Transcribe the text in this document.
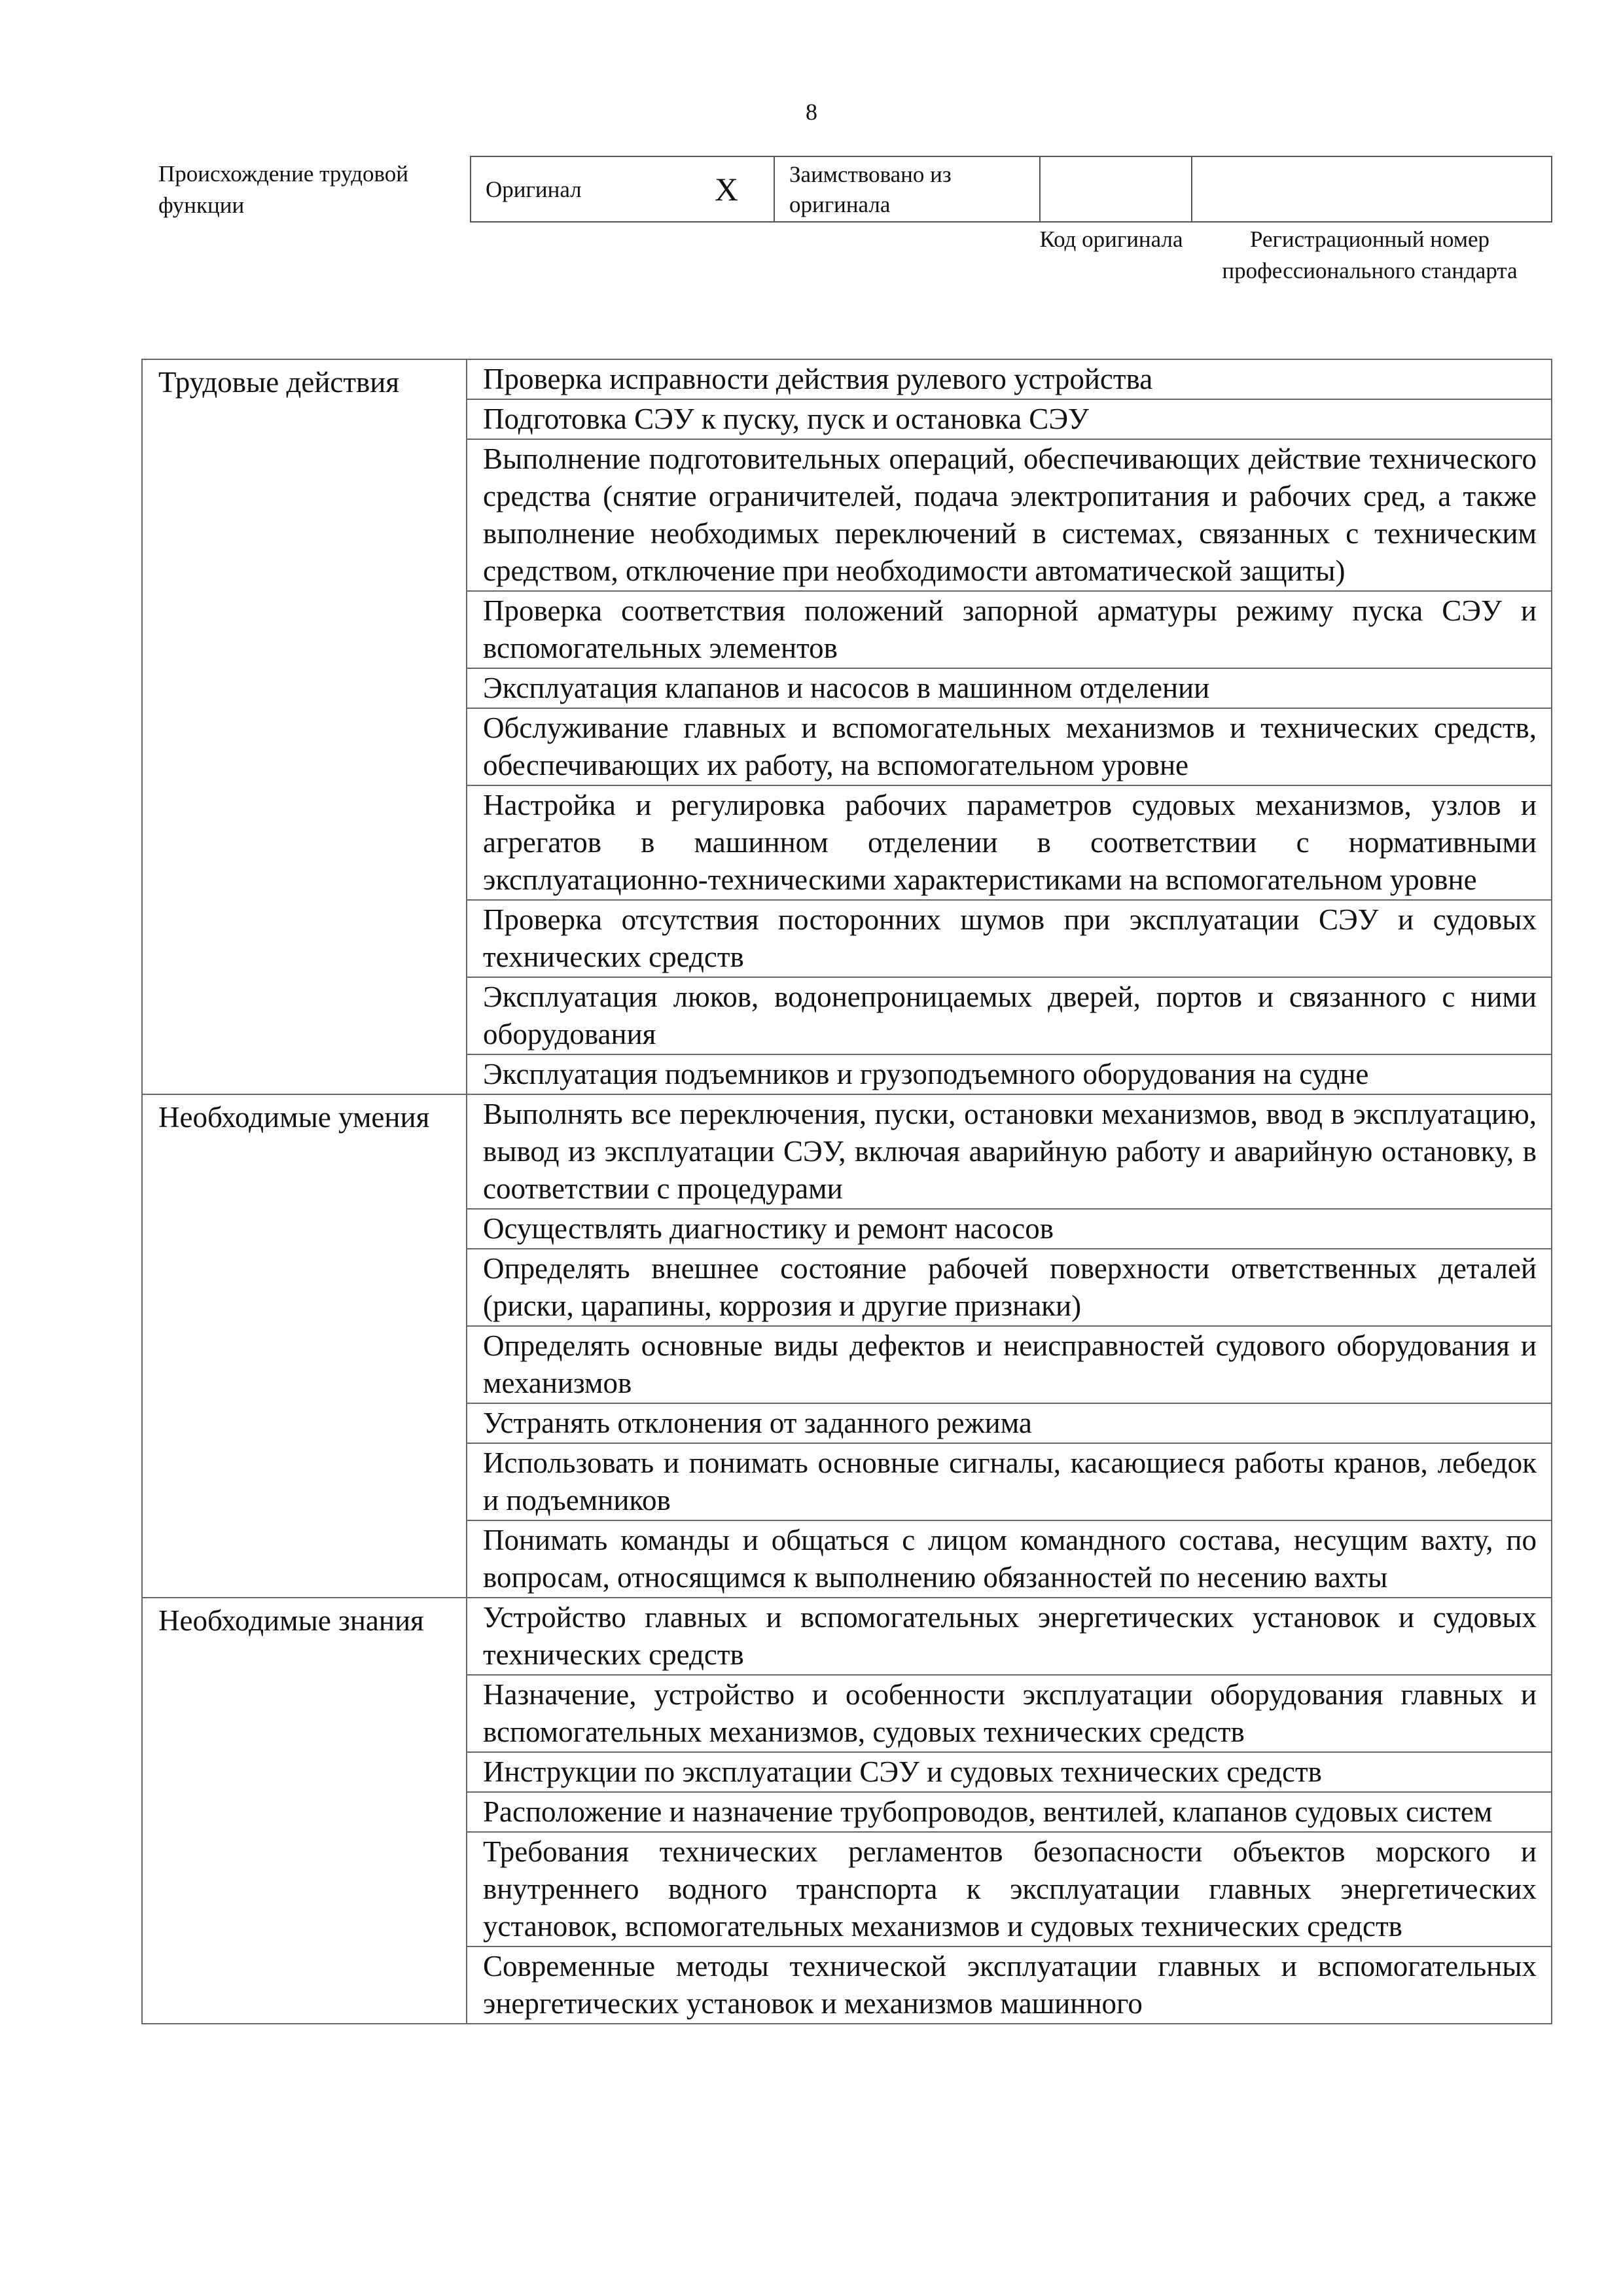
8
Происхождение трудовой функции
Оригинал	X	Заимствовано из оригинала
Код оригинала	Регистрационный номер профессионального стандарта
Трудовые действия	Проверка исправности действия рулевого устройства
	Подготовка СЭУ к пуску, пуск и остановка СЭУ
	Выполнение подготовительных операций, обеспечивающих действие технического средства (снятие ограничителей, подача электропитания и рабочих сред, а также выполнение необходимых переключений в системах, связанных с техническим средством, отключение при необходимости автоматической защиты)
	Проверка соответствия положений запорной арматуры режиму пуска СЭУ и вспомогательных элементов
	Эксплуатация клапанов и насосов в машинном отделении
	Обслуживание главных и вспомогательных механизмов и технических средств, обеспечивающих их работу, на вспомогательном уровне
	Настройка и регулировка рабочих параметров судовых механизмов, узлов и агрегатов в машинном отделении в соответствии с нормативными эксплуатационно-техническими характеристиками на вспомогательном уровне
	Проверка отсутствия посторонних шумов при эксплуатации СЭУ и судовых технических средств
	Эксплуатация люков, водонепроницаемых дверей, портов и связанного с ними оборудования
	Эксплуатация подъемников и грузоподъемного оборудования на судне
Необходимые умения	Выполнять все переключения, пуски, остановки механизмов, ввод в эксплуатацию, вывод из эксплуатации СЭУ, включая аварийную работу и аварийную остановку, в соответствии с процедурами
	Осуществлять диагностику и ремонт насосов
	Определять внешнее состояние рабочей поверхности ответственных деталей (риски, царапины, коррозия и другие признаки)
	Определять основные виды дефектов и неисправностей судового оборудования и механизмов
	Устранять отклонения от заданного режима
	Использовать и понимать основные сигналы, касающиеся работы кранов, лебедок и подъемников
	Понимать команды и общаться с лицом командного состава, несущим вахту, по вопросам, относящимся к выполнению обязанностей по несению вахты
Необходимые знания	Устройство главных и вспомогательных энергетических установок и судовых технических средств
	Назначение, устройство и особенности эксплуатации оборудования главных и вспомогательных механизмов, судовых технических средств
	Инструкции по эксплуатации СЭУ и судовых технических средств
	Расположение и назначение трубопроводов, вентилей, клапанов судовых систем
	Требования технических регламентов безопасности объектов морского и внутреннего водного транспорта к эксплуатации главных энергетических установок, вспомогательных механизмов и судовых технических средств
	Современные методы технической эксплуатации главных и вспомогательных энергетических установок и механизмов машинного
